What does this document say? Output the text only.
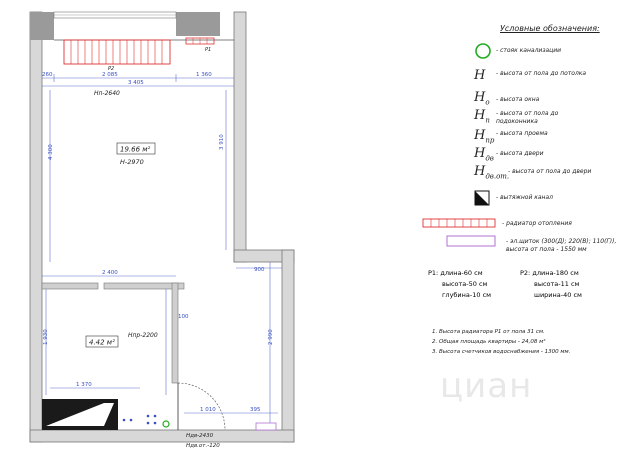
Р2
Р1
260	2 085	1 360
3 405
Нп-2640
4 300
3 910
19.66 м²
Н-2970
2 400	900
1 930
1 370
100
2 990
4.42 м²
Нпр-2200
Ндв-2430
Ндв.от.-120
1 010	395
Условные обозначения:
- стояк канализации
H - высота от пола до потолка
$H_o$ - высота окна
$H_п$
- высота от пола до подоконника
$H_{пр}$
- высота проема
$H_{дв}$
- высота двери
$H_{дв.от.}$
- высота от пола до двери
- вытяжной канал
- радиатор отопления
- эл.щиток (300(Д); 220(В); 110(Г)), высота от пола - 1550 мм
Р1: длина-60 см
высота-50 см
глубина-10 см
Р2: длина-180 см
высота-11 см
ширина-40 см
1. Высота радиатора Р1 от пола 31 см.
2. Общая площадь квартиры - 24,08 м²
3. Высота счетчиков водоснабжения - 1300 мм.
циан
